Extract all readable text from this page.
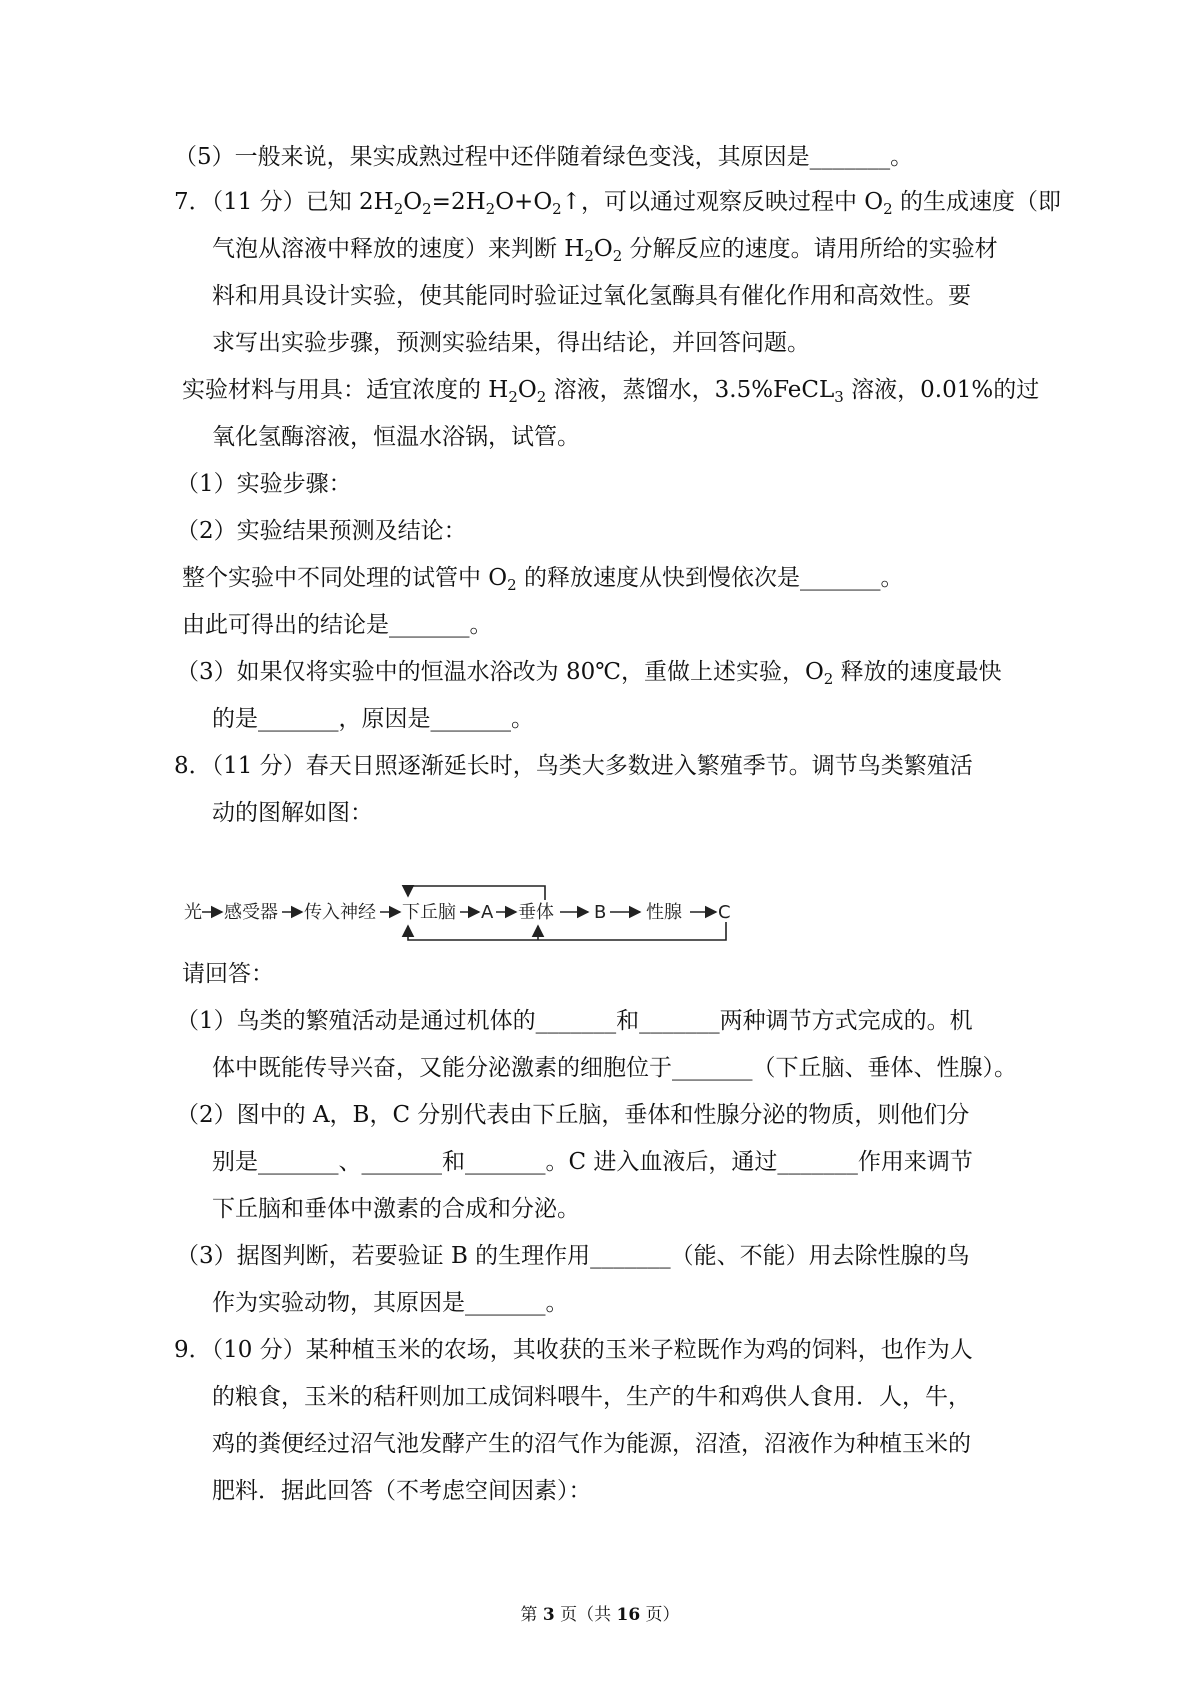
（5）一般来说，果实成熟过程中还伴随着绿色变浅，其原因是_______。
7．（11 分）已知 $2H_2O_2=2H_2O+O_2↑$，可以通过观察反映过程中 $O_2$ 的生成速度（即
气泡从溶液中释放的速度）来判断 $H_2O_2$ 分解反应的速度。请用所给的实验材
料和用具设计实验，使其能同时验证过氧化氢酶具有催化作用和高效性。要
求写出实验步骤，预测实验结果，得出结论，并回答问题。
实验材料与用具：适宜浓度的 $H_2O_2$ 溶液，蒸馏水，3.5%FeCL$_3$ 溶液，0.01%的过
氧化氢酶溶液，恒温水浴锅，试管。
（1）实验步骤：
（2）实验结果预测及结论：
整个实验中不同处理的试管中 $O_2$ 的释放速度从快到慢依次是_______。
由此可得出的结论是_______。
（3）如果仅将实验中的恒温水浴改为 80℃，重做上述实验，$O_2$ 释放的速度最快
的是_______，原因是_______。
8．（11 分）春天日照逐渐延长时，鸟类大多数进入繁殖季节。调节鸟类繁殖活
动的图解如图：
光 感受器 传入神经 下丘脑 A 垂体 B 性腺 C
请回答：
（1）鸟类的繁殖活动是通过机体的_______和_______两种调节方式完成的。机
体中既能传导兴奋，又能分泌激素的细胞位于_______（下丘脑、垂体、性腺）。
（2）图中的 A，B，C 分别代表由下丘脑，垂体和性腺分泌的物质，则他们分
别是_______、_______和_______。C 进入血液后，通过_______作用来调节
下丘脑和垂体中激素的合成和分泌。
（3）据图判断，若要验证 B 的生理作用_______（能、不能）用去除性腺的鸟
作为实验动物，其原因是_______。
9．（10 分）某种植玉米的农场，其收获的玉米子粒既作为鸡的饲料，也作为人
的粮食，玉米的秸秆则加工成饲料喂牛，生产的牛和鸡供人食用．人，牛，
鸡的粪便经过沼气池发酵产生的沼气作为能源，沼渣，沼液作为种植玉米的
肥料．据此回答（不考虑空间因素）：
第 3 页（共 16 页）
